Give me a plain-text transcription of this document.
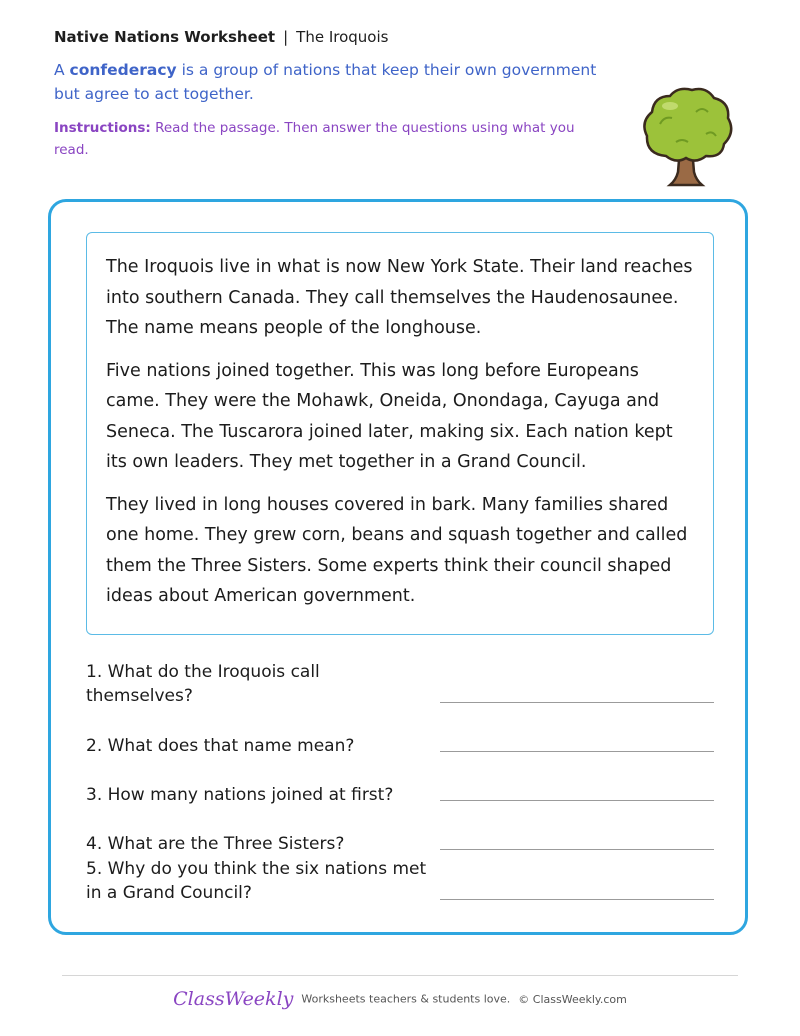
Native Nations Worksheet | The Iroquois
A confederacy is a group of nations that keep their own government but agree to act together.
Instructions: Read the passage. Then answer the questions using what you read.

The Iroquois live in what is now New York State. Their land reaches into southern Canada. They call themselves the Haudenosaunee. The name means people of the longhouse.

Five nations joined together. This was long before Europeans came. They were the Mohawk, Oneida, Onondaga, Cayuga and Seneca. The Tuscarora joined later, making six. Each nation kept its own leaders. They met together in a Grand Council.

They lived in long houses covered in bark. Many families shared one home. They grew corn, beans and squash together and called them the Three Sisters. Some experts think their council shaped ideas about American government.

1. What do the Iroquois call themselves?
2. What does that name mean?
3. How many nations joined at first?
4. What are the Three Sisters?
5. Why do you think the six nations met in a Grand Council?
ClassWeekly Worksheets teachers & students love. © ClassWeekly.com
